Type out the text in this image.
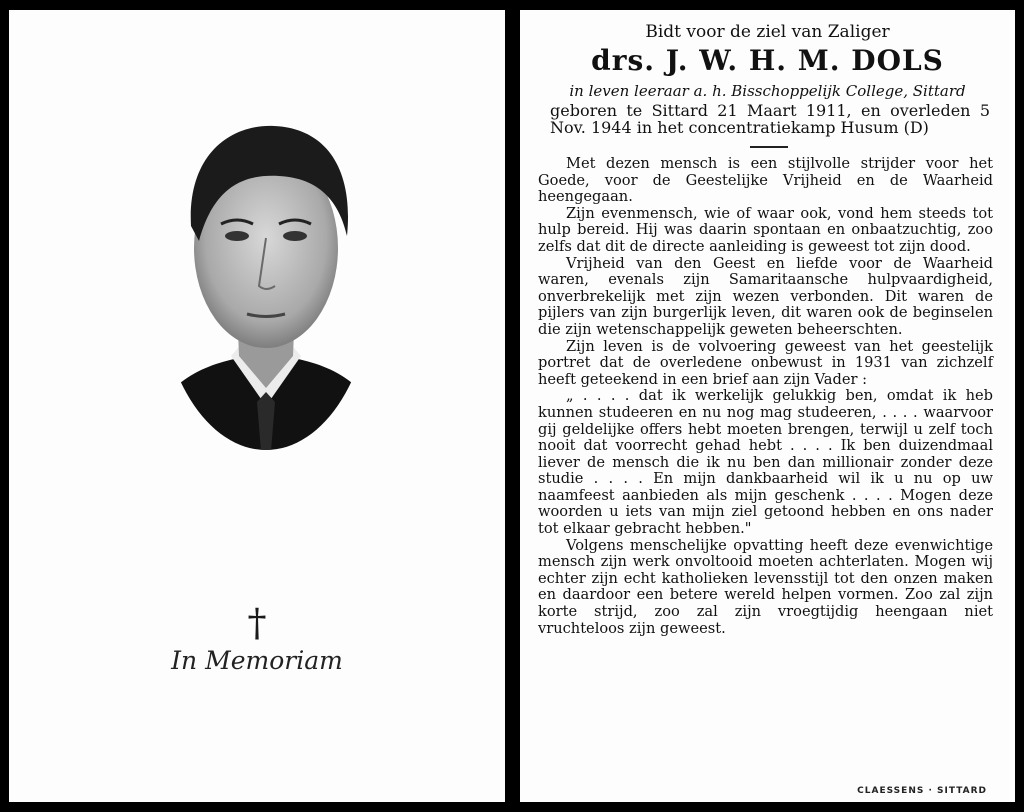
†
In Memoriam
Bidt voor de ziel van Zaliger
drs. J. W. H. M. DOLS
in leven leeraar a. h. Bisschoppelijk College, Sittard
geboren te Sittard 21 Maart 1911, en overleden 5 Nov. 1944 in het concentratiekamp Husum (D)

Met dezen mensch is een stijlvolle strijder voor het Goede, voor de Geestelijke Vrijheid en de Waarheid heengegaan.

Zijn evenmensch, wie of waar ook, vond hem steeds tot hulp bereid. Hij was daarin spontaan en onbaatzuchtig, zoo zelfs dat dit de directe aanleiding is geweest tot zijn dood.

Vrijheid van den Geest en liefde voor de Waarheid waren, evenals zijn Samaritaansche hulpvaardigheid, onverbrekelijk met zijn wezen verbonden. Dit waren de pijlers van zijn burgerlijk leven, dit waren ook de beginselen die zijn wetenschappelijk geweten beheerschten.

Zijn leven is de volvoering geweest van het geestelijk portret dat de overledene onbewust in 1931 van zichzelf heeft geteekend in een brief aan zijn Vader :

„ . . . . dat ik werkelijk gelukkig ben, omdat ik heb kunnen studeeren en nu nog mag studeeren, . . . . waarvoor gij geldelijke offers hebt moeten brengen, terwijl u zelf toch nooit dat voorrecht gehad hebt . . . . Ik ben duizendmaal liever de mensch die ik nu ben dan millionair zonder deze studie . . . . En mijn dankbaarheid wil ik u nu op uw naamfeest aanbieden als mijn geschenk . . . . Mogen deze woorden u iets van mijn ziel getoond hebben en ons nader tot elkaar gebracht hebben."

Volgens menschelijke opvatting heeft deze evenwichtige mensch zijn werk onvoltooid moeten achterlaten. Mogen wij echter zijn echt katholieken levensstijl tot den onzen maken en daardoor een betere wereld helpen vormen. Zoo zal zijn korte strijd, zoo zal zijn vroegtijdig heengaan niet vruchteloos zijn geweest.

CLAESSENS · SITTARD
